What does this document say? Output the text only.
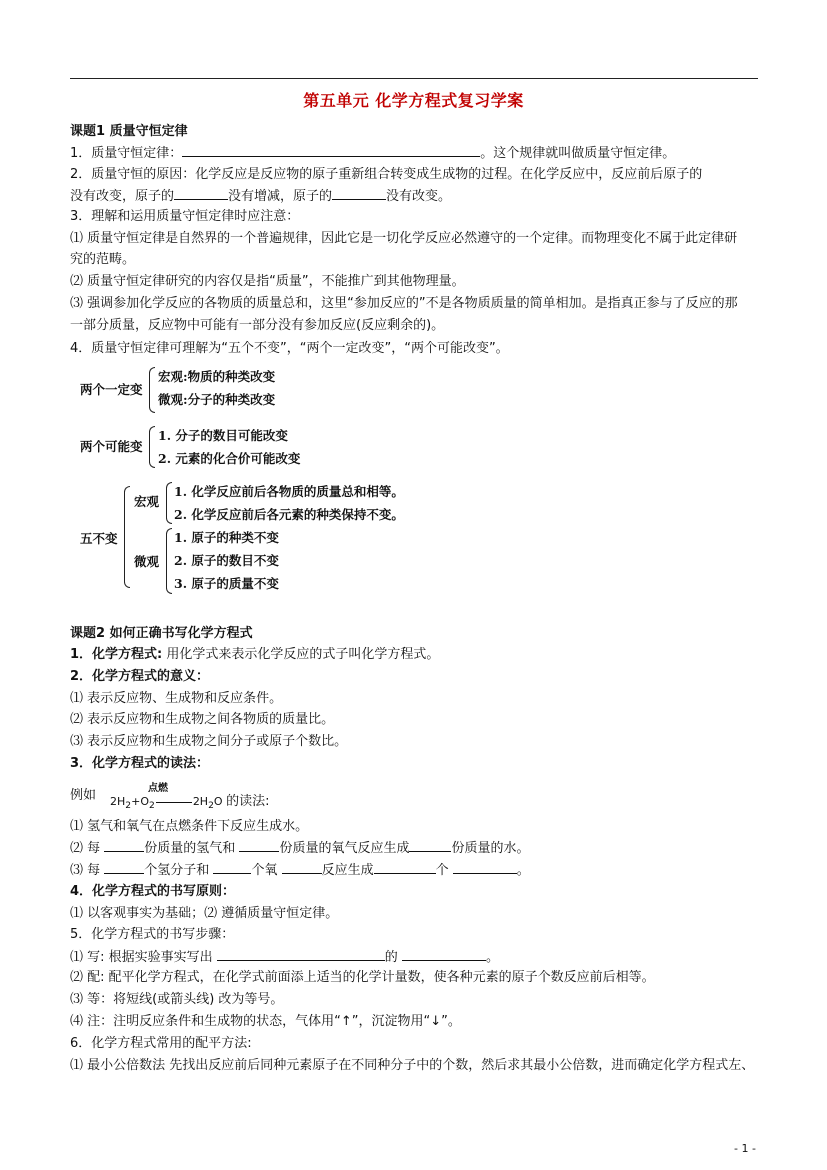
第五单元 化学方程式复习学案
课题1 质量守恒定律
1．质量守恒定律：	。这个规律就叫做质量守恒定律。
2．质量守恒的原因：化学反应是反应物的原子重新组合转变成生成物的过程。在化学反应中，反应前后原子的
没有改变，原子的	没有增减，原子的	没有改变。
3．理解和运用质量守恒定律时应注意：
⑴ 质量守恒定律是自然界的一个普遍规律，因此它是一切化学反应必然遵守的一个定律。而物理变化不属于此定律研
究的范畴。
⑵ 质量守恒定律研究的内容仅是指“质量”，不能推广到其他物理量。
⑶ 强调参加化学反应的各物质的质量总和，这里“参加反应的”不是各物质质量的简单相加。是指真正参与了反应的那
一部分质量，反应物中可能有一部分没有参加反应(反应剩余的)。
4．质量守恒定律可理解为“五个不变”，“两个一定改变”，“两个可能改变”。
两个一定变
宏观:物质的种类改变
微观:分子的种类改变
两个可能变
1. 分子的数目可能改变
2. 元素的化合价可能改变
五不变
宏观
1. 化学反应前后各物质的质量总和相等。
2. 化学反应前后各元素的种类保持不变。
微观
1. 原子的种类不变
2. 原子的数目不变
3. 原子的质量不变
课题2 如何正确书写化学方程式
1．化学方程式: 用化学式来表示化学反应的式子叫化学方程式。
2．化学方程式的意义：
⑴ 表示反应物、生成物和反应条件。
⑵ 表示反应物和生成物之间各物质的质量比。
⑶ 表示反应物和生成物之间分子或原子个数比。
3．化学方程式的读法：
例如	点燃
$2H_2+O_2$	$2H_2O$ 的读法:
⑴ 氢气和氧气在点燃条件下反应生成水。
⑵ 每	份质量的氢气和	份质量的氧气反应生成	份质量的水。
⑶ 每	个氢分子和	个氧	反应生成	个	。
4．化学方程式的书写原则：
⑴ 以客观事实为基础；⑵ 遵循质量守恒定律。
5．化学方程式的书写步骤：
⑴ 写: 根据实验事实写出	的	。
⑵ 配: 配平化学方程式，在化学式前面添上适当的化学计量数，使各种元素的原子个数反应前后相等。
⑶ 等：将短线(或箭头线) 改为等号。
⑷ 注：注明反应条件和生成物的状态，气体用“↑”，沉淀物用“↓”。
6．化学方程式常用的配平方法:
⑴ 最小公倍数法 先找出反应前后同种元素原子在不同种分子中的个数，然后求其最小公倍数，进而确定化学方程式左、
- 1 -
